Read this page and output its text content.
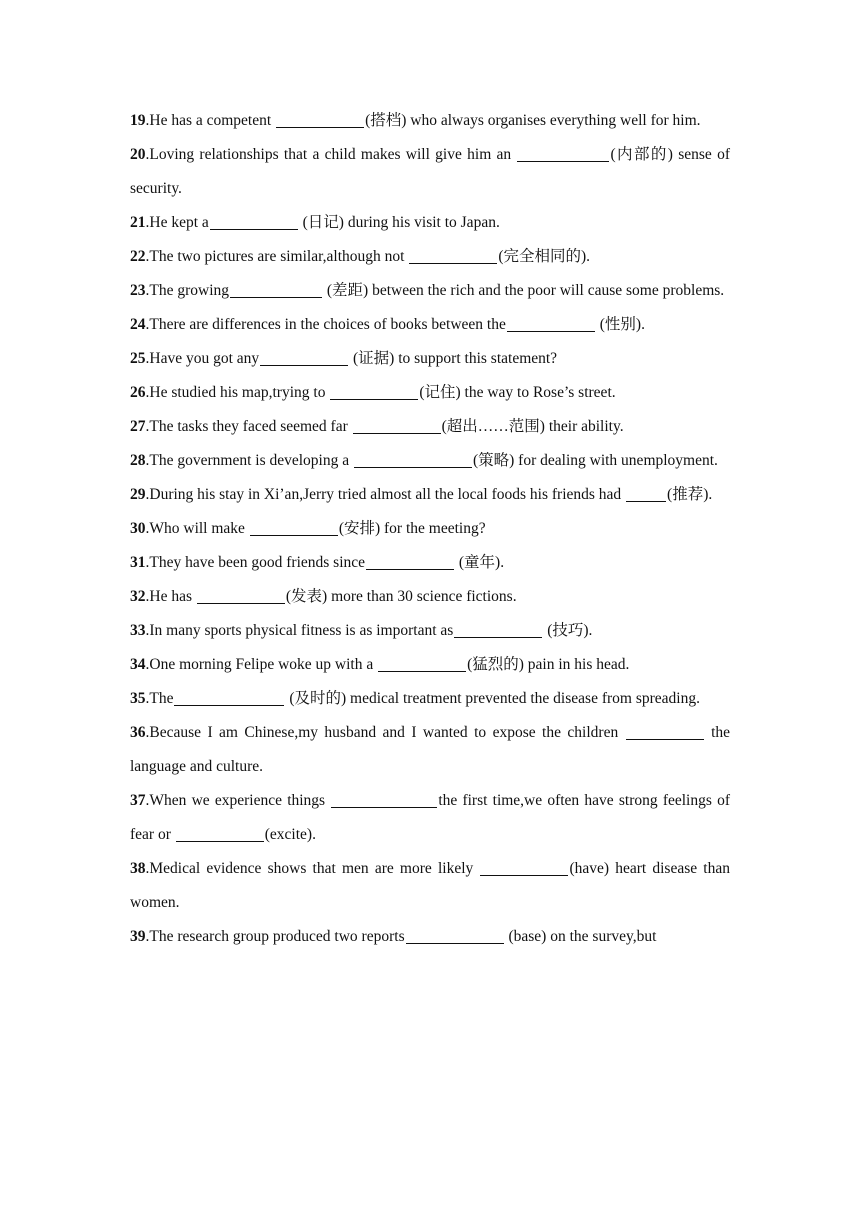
19.He has a competent	(搭档) who always organises everything well for him.

20.Loving relationships that a child makes will give him an	(内部的) sense of security.

21.He kept a	(日记) during his visit to Japan.

22.The two pictures are similar,although not	(完全相同的).

23.The growing	(差距) between the rich and the poor will cause some problems.

24.There are differences in the choices of books between the	(性别).

25.Have you got any	(证据) to support this statement?

26.He studied his map,trying to	(记住) the way to Rose’s street.

27.The tasks they faced seemed far	(超出……范围) their ability.

28.The government is developing a	(策略) for dealing with unemployment.

29.During his stay in Xi’an,Jerry tried almost all the local foods his friends had	(推荐).

30.Who will make	(安排) for the meeting?

31.They have been good friends since	(童年).

32.He has	(发表) more than 30 science fictions.

33.In many sports physical fitness is as important as	(技巧).

34.One morning Felipe woke up with a	(猛烈的) pain in his head.

35.The	(及时的) medical treatment prevented the disease from spreading.

36.Because I am Chinese,my husband and I wanted to expose the children	the language and culture.

37.When we experience things	the first time,we often have strong feelings of fear or	(excite).

38.Medical evidence shows that men are more likely	(have) heart disease than women.

39.The research group produced two reports	(base) on the survey,but
